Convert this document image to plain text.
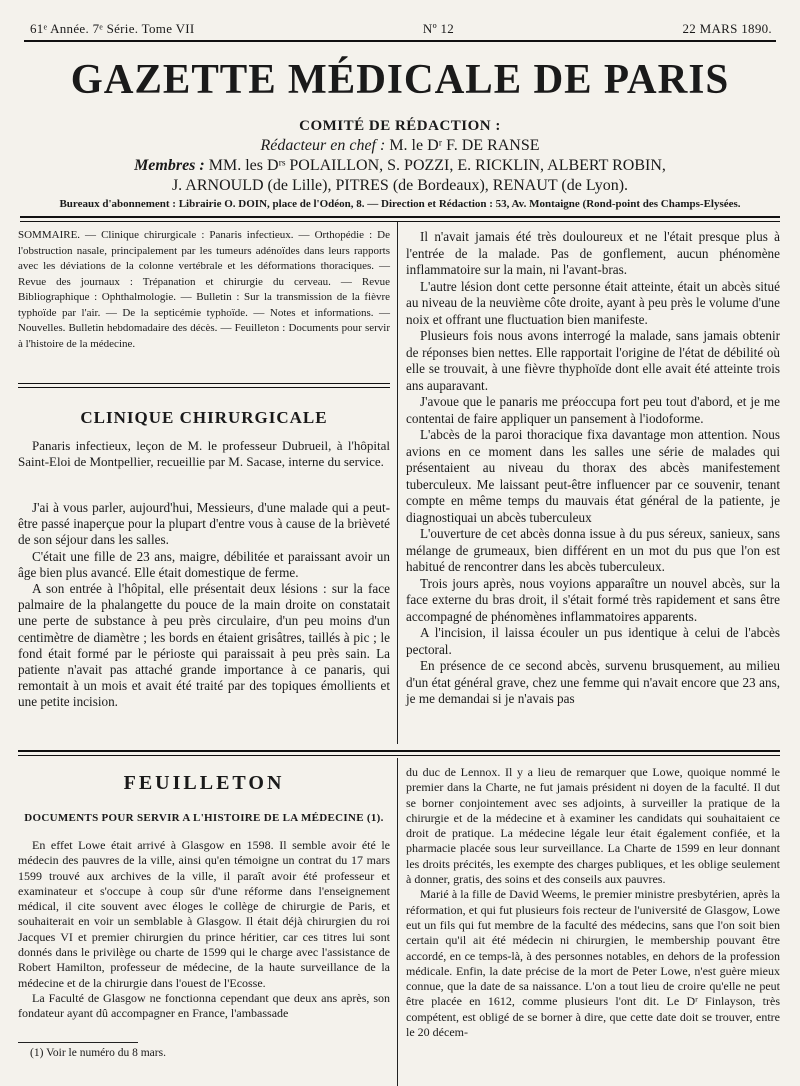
61ᵉ Année. 7ᵉ Série. Tome VII	Nº 12	22 MARS 1890.
GAZETTE MÉDICALE DE PARIS
COMITÉ DE RÉDACTION :
Rédacteur en chef : M. le Dʳ F. DE RANSE
Membres : MM. les Dʳˢ POLAILLON, S. POZZI, E. RICKLIN, ALBERT ROBIN,
J. ARNOULD (de Lille), PITRES (de Bordeaux), RENAUT (de Lyon).
Bureaux d'abonnement : Librairie O. DOIN, place de l'Odéon, 8. — Direction et Rédaction : 53, Av. Montaigne (Rond-point des Champs-Elysées.
SOMMAIRE. — Clinique chirurgicale : Panaris infectieux. — Orthopédie : De l'obstruction nasale, principalement par les tumeurs adénoïdes dans leurs rapports avec les déviations de la colonne vertébrale et les déformations thoraciques. — Revue des journaux : Trépanation et chirurgie du cerveau. — Revue Bibliographique : Ophthalmologie. — Bulletin : Sur la transmission de la fièvre typhoïde par l'air. — De la septicémie typhoïde. — Notes et informations. — Nouvelles. Bulletin hebdomadaire des décès. — Feuilleton : Documents pour servir à l'histoire de la médecine.
CLINIQUE CHIRURGICALE

Panaris infectieux, leçon de M. le professeur Dubrueil, à l'hôpital Saint-Eloi de Montpellier, recueillie par M. Sacase, interne du service.

J'ai à vous parler, aujourd'hui, Messieurs, d'une malade qui a peut-être passé inaperçue pour la plupart d'entre vous à cause de la brièveté de son séjour dans les salles.

C'était une fille de 23 ans, maigre, débilitée et paraissant avoir un âge bien plus avancé. Elle était domestique de ferme.

A son entrée à l'hôpital, elle présentait deux lésions : sur la face palmaire de la phalangette du pouce de la main droite on constatait une perte de substance à peu près circulaire, d'un peu moins d'un centimètre de diamètre ; les bords en étaient grisâtres, taillés à pic ; le fond était formé par le périoste qui paraissait à peu près sain. La patiente n'avait pas attaché grande importance à ce panaris, qui remontait à un mois et avait été traité par des topiques émollients et une petite incision.

Il n'avait jamais été très douloureux et ne l'était presque plus à l'entrée de la malade. Pas de gonflement, aucun phénomène inflammatoire sur la main, ni l'avant-bras.

L'autre lésion dont cette personne était atteinte, était un abcès situé au niveau de la neuvième côte droite, ayant à peu près le volume d'une noix et offrant une fluctuation bien manifeste.

Plusieurs fois nous avons interrogé la malade, sans jamais obtenir de réponses bien nettes. Elle rapportait l'origine de l'état de débilité où elle se trouvait, à une fièvre thyphoïde dont elle avait été atteinte trois ans auparavant.

J'avoue que le panaris me préoccupa fort peu tout d'abord, et je me contentai de faire appliquer un pansement à l'iodoforme.

L'abcès de la paroi thoracique fixa davantage mon attention. Nous avions en ce moment dans les salles une série de malades qui présentaient au niveau du thorax des abcès manifestement tuberculeux. Me laissant peut-être influencer par ce souvenir, tenant compte en même temps du mauvais état général de la patiente, je diagnostiquai un abcès tuberculeux

L'ouverture de cet abcès donna issue à du pus séreux, sanieux, sans mélange de grumeaux, bien différent en un mot du pus que l'on est habitué de rencontrer dans les abcès tuberculeux.

Trois jours après, nous voyions apparaître un nouvel abcès, sur la face externe du bras droit, il s'était formé très rapidement et sans être accompagné de phénomènes inflammatoires apparents.

A l'incision, il laissa écouler un pus identique à celui de l'abcès pectoral.

En présence de ce second abcès, survenu brusquement, au milieu d'un état général grave, chez une femme qui n'avait encore que 23 ans, je me demandai si je n'avais pas

FEUILLETON
DOCUMENTS POUR SERVIR A L'HISTOIRE DE LA MÉDECINE (1).

En effet Lowe était arrivé à Glasgow en 1598. Il semble avoir été le médecin des pauvres de la ville, ainsi qu'en témoigne un contrat du 17 mars 1599 trouvé aux archives de la ville, il paraît avoir été professeur et examinateur et s'occupe à coup sûr d'une réforme dans l'enseignement médical, il cite souvent avec éloges le collège de chirurgie de Paris, et souhaiterait en voir un semblable à Glasgow. Il était déjà chirurgien du roi Jacques VI et premier chirurgien du prince héritier, car ces titres lui sont donnés dans le privilège ou charte de 1599 qui le charge avec l'assistance de Robert Hamilton, professeur de médecine, de la haute surveillance de la médecine et de la chirurgie dans l'ouest de l'Ecosse.

La Faculté de Glasgow ne fonctionna cependant que deux ans après, son fondateur ayant dû accompagner en France, l'ambassade

(1) Voir le numéro du 8 mars.

du duc de Lennox. Il y a lieu de remarquer que Lowe, quoique nommé le premier dans la Charte, ne fut jamais président ni doyen de la faculté. Il dut se borner conjointement avec ses adjoints, à surveiller la pratique de la chirurgie et de la médecine et à examiner les candidats qui souhaitaient ce droit de pratique. La médecine légale leur était également confiée, et la pharmacie placée sous leur surveillance. La Charte de 1599 en leur donnant les droits précités, les exempte des charges publiques, et les oblige seulement à donner, gratis, des soins et des conseils aux pauvres.

Marié à la fille de David Weems, le premier ministre presbytérien, après la réformation, et qui fut plusieurs fois recteur de l'université de Glasgow, Lowe eut un fils qui fut membre de la faculté des médecins, sans que l'on soit bien certain qu'il ait été médecin ni chirurgien, le membership pouvant être accordé, en ce temps-là, à des personnes notables, en dehors de la profession médicale. Enfin, la date précise de la mort de Peter Lowe, n'est guère mieux connue, que la date de sa naissance. L'on a tout lieu de croire qu'elle ne peut être placée en 1612, comme plusieurs l'ont dit. Le Dʳ Finlayson, très compétent, est obligé de se borner à dire, que cette date doit se trouver, entre le 20 décem-
